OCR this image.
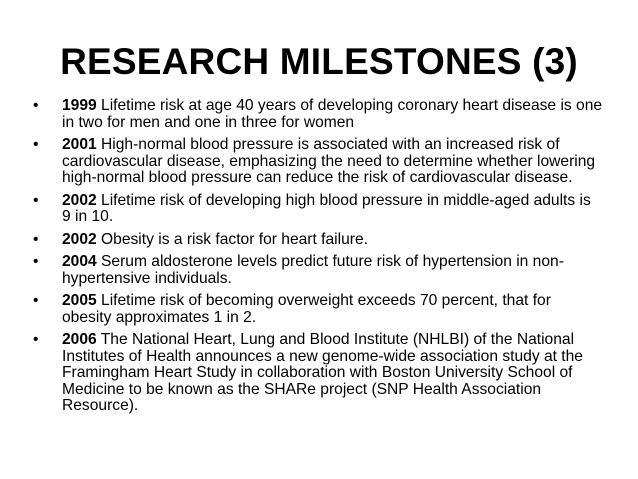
RESEARCH MILESTONES (3)
• 1999 Lifetime risk at age 40 years of developing coronary heart disease is one in two for men and one in three for women
• 2001 High-normal blood pressure is associated with an increased risk of cardiovascular disease, emphasizing the need to determine whether lowering high-normal blood pressure can reduce the risk of cardiovascular disease.
• 2002 Lifetime risk of developing high blood pressure in middle-aged adults is 9 in 10.
• 2002 Obesity is a risk factor for heart failure.
• 2004 Serum aldosterone levels predict future risk of hypertension in non-hypertensive individuals.
• 2005 Lifetime risk of becoming overweight exceeds 70 percent, that for obesity approximates 1 in 2.
• 2006 The National Heart, Lung and Blood Institute (NHLBI) of the National Institutes of Health announces a new genome-wide association study at the Framingham Heart Study in collaboration with Boston University School of Medicine to be known as the SHARe project (SNP Health Association Resource).
